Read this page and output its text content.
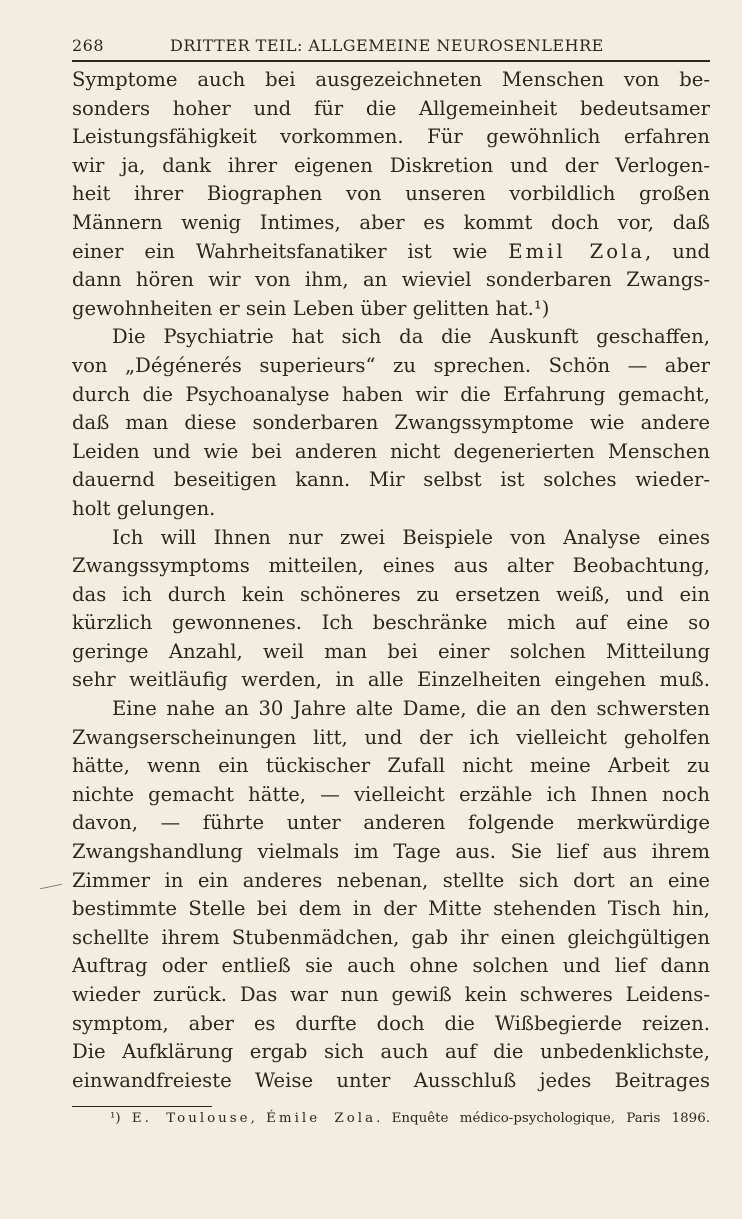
268	DRITTER TEIL: ALLGEMEINE NEUROSENLEHRE
Symptome auch bei ausgezeichneten Menschen von be-
sonders hoher und für die Allgemeinheit bedeutsamer
Leistungsfähigkeit vorkommen. Für gewöhnlich erfahren
wir ja, dank ihrer eigenen Diskretion und der Verlogen-
heit ihrer Biographen von unseren vorbildlich großen
Männern wenig Intimes, aber es kommt doch vor, daß
einer ein Wahrheitsfanatiker ist wie Emil Zola, und
dann hören wir von ihm, an wieviel sonderbaren Zwangs-
gewohnheiten er sein Leben über gelitten hat.¹)
Die Psychiatrie hat sich da die Auskunft geschaffen,
von „Dégénerés superieurs“ zu sprechen. Schön — aber
durch die Psychoanalyse haben wir die Erfahrung gemacht,
daß man diese sonderbaren Zwangssymptome wie andere
Leiden und wie bei anderen nicht degenerierten Menschen
dauernd beseitigen kann. Mir selbst ist solches wieder-
holt gelungen.
Ich will Ihnen nur zwei Beispiele von Analyse eines
Zwangssymptoms mitteilen, eines aus alter Beobachtung,
das ich durch kein schöneres zu ersetzen weiß, und ein
kürzlich gewonnenes. Ich beschränke mich auf eine so
geringe Anzahl, weil man bei einer solchen Mitteilung
sehr weitläufig werden, in alle Einzelheiten eingehen muß.
Eine nahe an 30 Jahre alte Dame, die an den schwersten
Zwangserscheinungen litt, und der ich vielleicht geholfen
hätte, wenn ein tückischer Zufall nicht meine Arbeit zu
nichte gemacht hätte, — vielleicht erzähle ich Ihnen noch
davon, — führte unter anderen folgende merkwürdige
Zwangshandlung vielmals im Tage aus. Sie lief aus ihrem
Zimmer in ein anderes nebenan, stellte sich dort an eine
bestimmte Stelle bei dem in der Mitte stehenden Tisch hin,
schellte ihrem Stubenmädchen, gab ihr einen gleichgültigen
Auftrag oder entließ sie auch ohne solchen und lief dann
wieder zurück. Das war nun gewiß kein schweres Leidens-
symptom, aber es durfte doch die Wißbegierde reizen.
Die Aufklärung ergab sich auch auf die unbedenklichste,
einwandfreieste Weise unter Ausschluß jedes Beitrages
¹) E. Toulouse, Émile Zola. Enquête médico-psychologique, Paris 1896.
